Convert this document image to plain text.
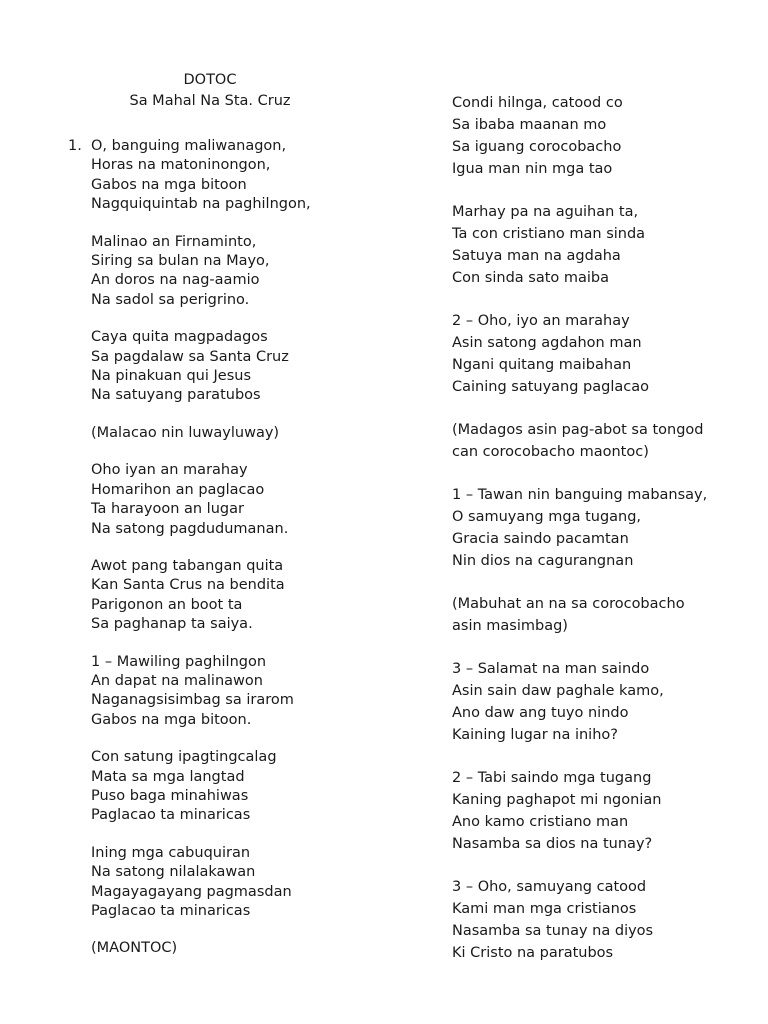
DOTOC
Sa Mahal Na Sta. Cruz
1. O, banguing maliwanagon,
Horas na matoninongon,
Gabos na mga bitoon
Nagquiquintab na paghilngon,
Malinao an Firnaminto,
Siring sa bulan na Mayo,
An doros na nag-aamio
Na sadol sa perigrino.
Caya quita magpadagos
Sa pagdalaw sa Santa Cruz
Na pinakuan qui Jesus
Na satuyang paratubos
(Malacao nin luwayluway)
Oho iyan an marahay
Homarihon an paglacao
Ta harayoon an lugar
Na satong pagdudumanan.
Awot pang tabangan quita
Kan Santa Crus na bendita
Parigonon an boot ta
Sa paghanap ta saiya.
1 – Mawiling paghilngon
An dapat na malinawon
Naganagsisimbag sa irarom
Gabos na mga bitoon.
Con satung ipagtingcalag
Mata sa mga langtad
Puso baga minahiwas
Paglacao ta minaricas
Ining mga cabuquiran
Na satong nilalakawan
Magayagayang pagmasdan
Paglacao ta minaricas
(MAONTOC)
Condi hilnga, catood co
Sa ibaba maanan mo
Sa iguang corocobacho
Igua man nin mga tao
Marhay pa na aguihan ta,
Ta con cristiano man sinda
Satuya man na agdaha
Con sinda sato maiba
2 – Oho, iyo an marahay
Asin satong agdahon man
Ngani quitang maibahan
Caining satuyang paglacao
(Madagos asin pag-abot sa tongod
can corocobacho maontoc)
1 – Tawan nin banguing mabansay,
O samuyang mga tugang,
Gracia saindo pacamtan
Nin dios na cagurangnan
(Mabuhat an na sa corocobacho
asin masimbag)
3 – Salamat na man saindo
Asin sain daw paghale kamo,
Ano daw ang tuyo nindo
Kaining lugar na iniho?
2 – Tabi saindo mga tugang
Kaning paghapot mi ngonian
Ano kamo cristiano man
Nasamba sa dios na tunay?
3 – Oho, samuyang catood
Kami man mga cristianos
Nasamba sa tunay na diyos
Ki Cristo na paratubos
